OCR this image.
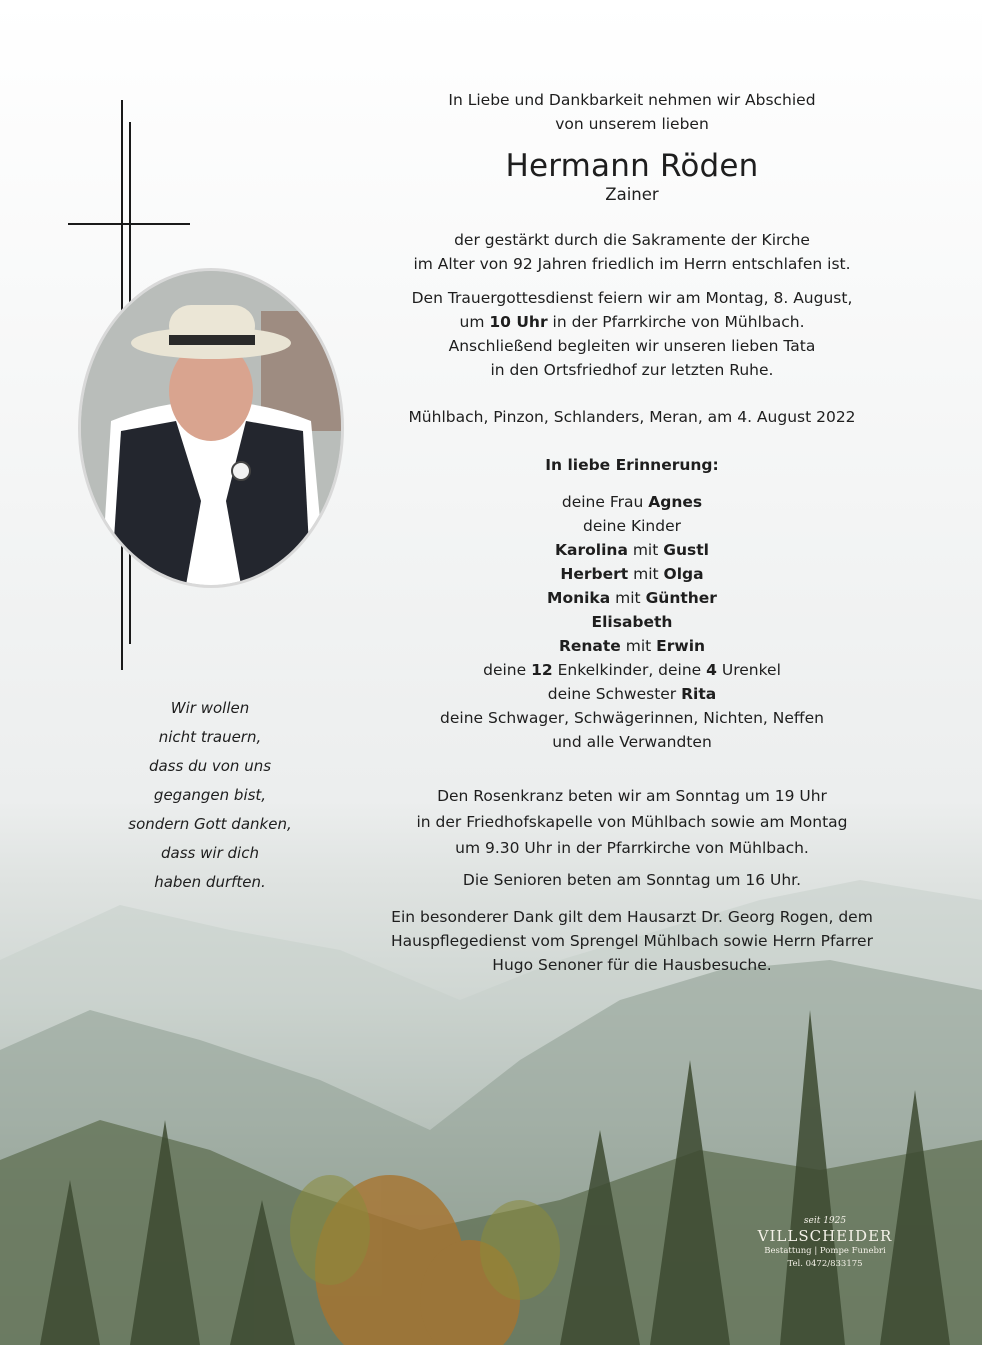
In Liebe und Dankbarkeit nehmen wir Abschied
von unserem lieben
Hermann Röden
Zainer
der gestärkt durch die Sakramente der Kirche
im Alter von 92 Jahren friedlich im Herrn entschlafen ist.
Den Trauergottesdienst feiern wir am Montag, 8. August,
um 10 Uhr in der Pfarrkirche von Mühlbach.
Anschließend begleiten wir unseren lieben Tata
in den Ortsfriedhof zur letzten Ruhe.
Mühlbach, Pinzon, Schlanders, Meran, am 4. August 2022
In liebe Erinnerung:
deine Frau Agnes
deine Kinder
Karolina mit Gustl
Herbert mit Olga
Monika mit Günther
Elisabeth
Renate mit Erwin
deine 12 Enkelkinder, deine 4 Urenkel
deine Schwester Rita
deine Schwager, Schwägerinnen, Nichten, Neffen
und alle Verwandten
Den Rosenkranz beten wir am Sonntag um 19 Uhr
in der Friedhofskapelle von Mühlbach sowie am Montag
um 9.30 Uhr in der Pfarrkirche von Mühlbach.
Die Senioren beten am Sonntag um 16 Uhr.
Ein besonderer Dank gilt dem Hausarzt Dr. Georg Rogen, dem
Hauspflegedienst vom Sprengel Mühlbach sowie Herrn Pfarrer
Hugo Senoner für die Hausbesuche.
Wir wollen
nicht trauern,
dass du von uns
gegangen bist,
sondern Gott danken,
dass wir dich
haben durften.
seit 1925
VILLSCHEIDER
Bestattung | Pompe Funebri
Tel. 0472/833175
